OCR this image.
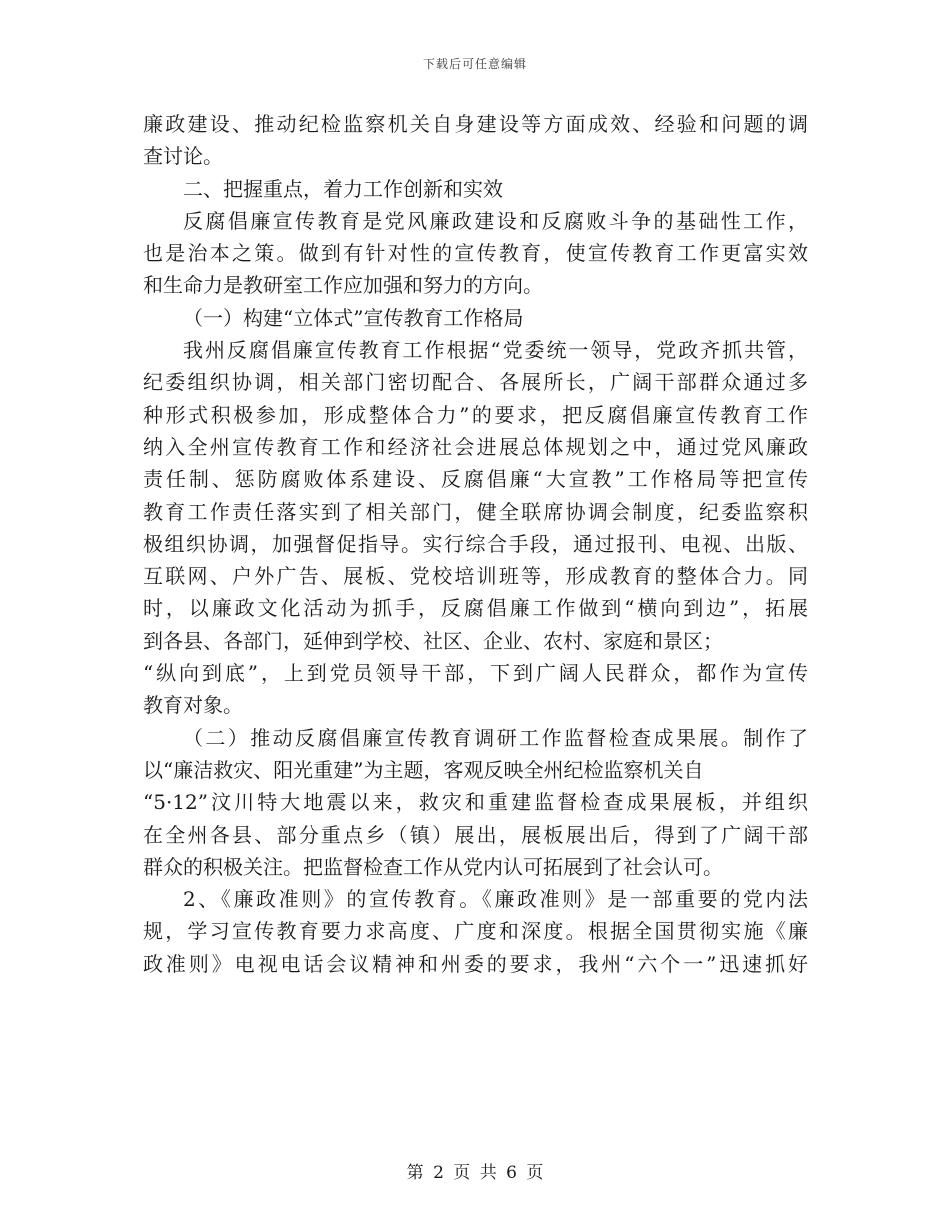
下载后可任意编辑
廉政建设、推动纪检监察机关自身建设等方面成效、经验和问题的调
查讨论。
二、把握重点，着力工作创新和实效
反腐倡廉宣传教育是党风廉政建设和反腐败斗争的基础性工作，
也是治本之策。做到有针对性的宣传教育，使宣传教育工作更富实效
和生命力是教研室工作应加强和努力的方向。
（一）构建“立体式”宣传教育工作格局
我州反腐倡廉宣传教育工作根据“党委统一领导，党政齐抓共管，
纪委组织协调，相关部门密切配合、各展所长，广阔干部群众通过多
种形式积极参加，形成整体合力”的要求，把反腐倡廉宣传教育工作
纳入全州宣传教育工作和经济社会进展总体规划之中，通过党风廉政
责任制、惩防腐败体系建设、反腐倡廉“大宣教”工作格局等把宣传
教育工作责任落实到了相关部门，健全联席协调会制度，纪委监察积
极组织协调，加强督促指导。实行综合手段，通过报刊、电视、出版、
互联网、户外广告、展板、党校培训班等，形成教育的整体合力。同
时，以廉政文化活动为抓手，反腐倡廉工作做到“横向到边”，拓展
到各县、各部门，延伸到学校、社区、企业、农村、家庭和景区；
“纵向到底”，上到党员领导干部，下到广阔人民群众，都作为宣传
教育对象。
（二）推动反腐倡廉宣传教育调研工作监督检查成果展。制作了
以“廉洁救灾、阳光重建”为主题，客观反映全州纪检监察机关自
“5·12”汶川特大地震以来，救灾和重建监督检查成果展板，并组织
在全州各县、部分重点乡（镇）展出，展板展出后，得到了广阔干部
群众的积极关注。把监督检查工作从党内认可拓展到了社会认可。
2、《廉政准则》的宣传教育。《廉政准则》是一部重要的党内法
规，学习宣传教育要力求高度、广度和深度。根据全国贯彻实施《廉
政准则》电视电话会议精神和州委的要求，我州“六个一”迅速抓好
第 2 页 共 6 页
